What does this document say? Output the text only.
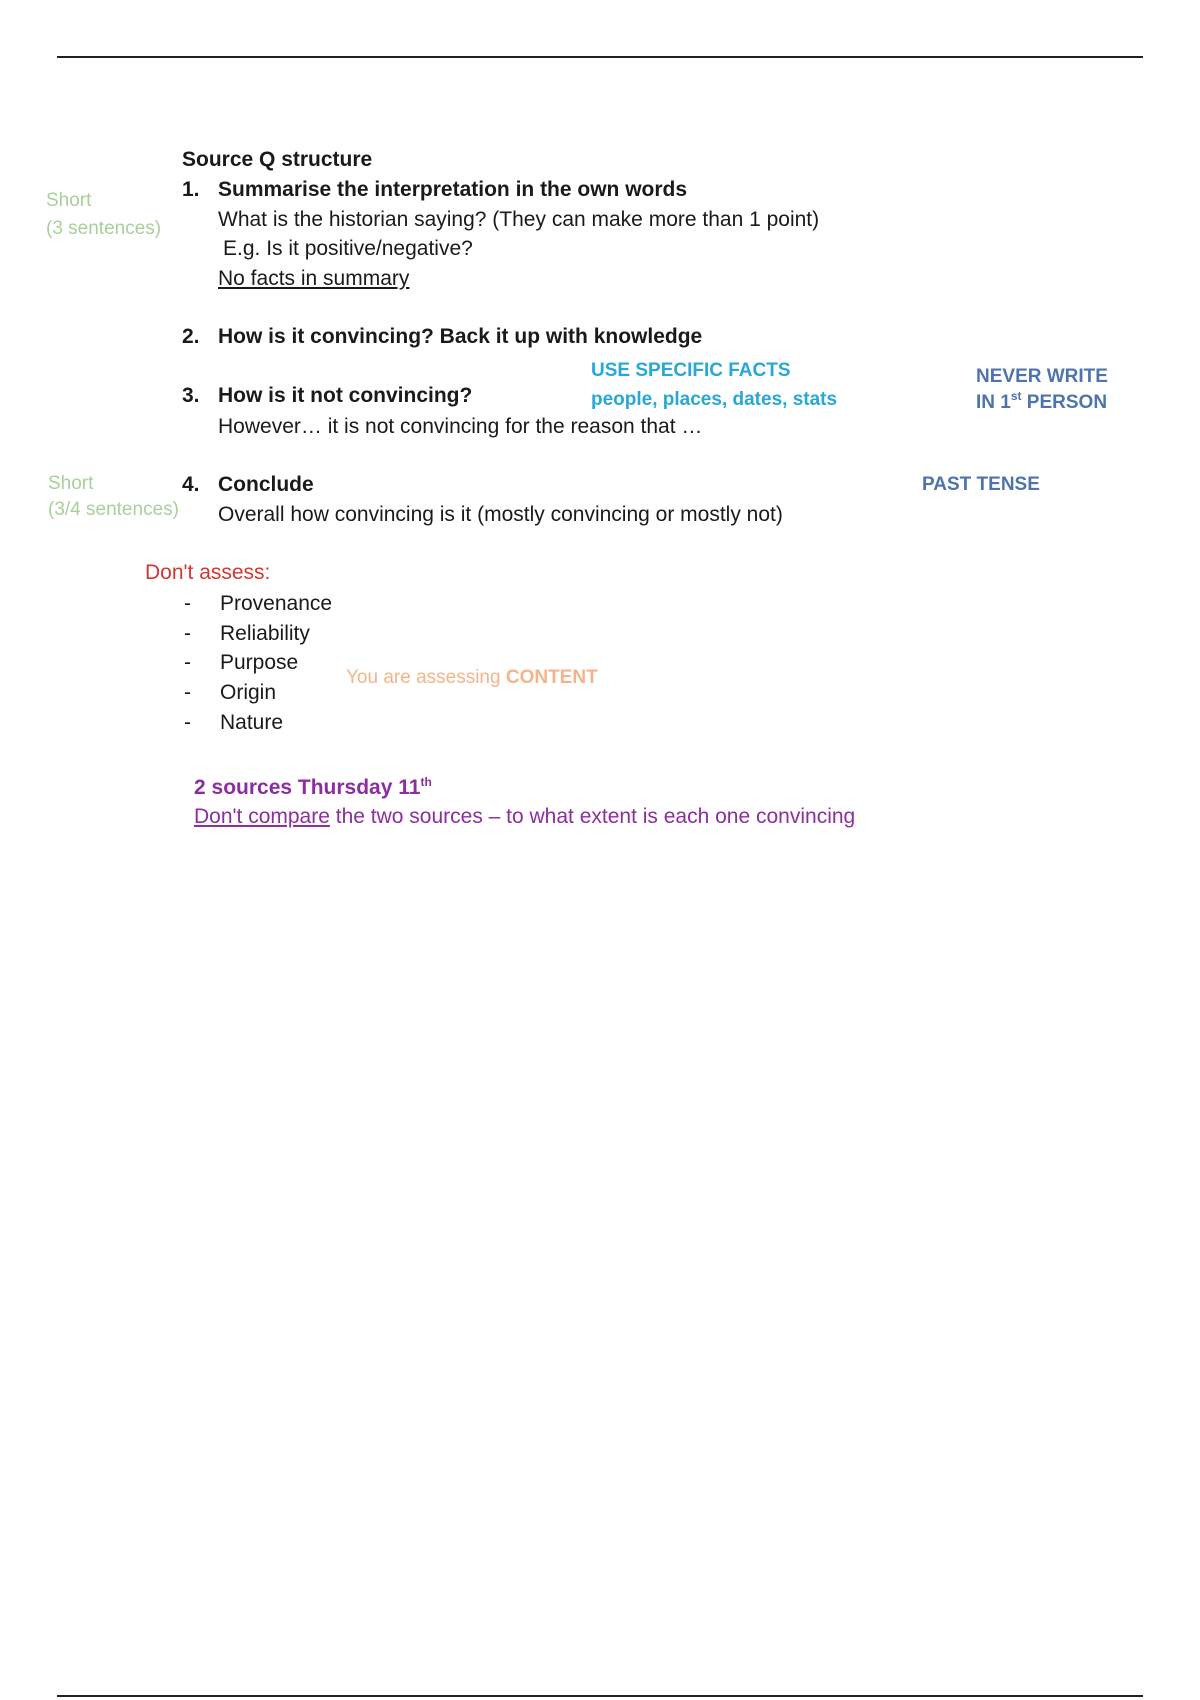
Source Q structure
Short
(3 sentences)
Short
(3/4 sentences)
1. Summarise the interpretation in the own words
What is the historian saying? (They can make more than 1 point)
E.g. Is it positive/negative?
No facts in summary
2. How is it convincing? Back it up with knowledge
USE SPECIFIC FACTS
people, places, dates, stats
NEVER WRITE
IN 1st PERSON
3. How is it not convincing?
However… it is not convincing for the reason that …
4. Conclude	PAST TENSE
Overall how convincing is it (mostly convincing or mostly not)
Don't assess:
- Provenance
- Reliability
- Purpose
- Origin
- Nature
You are assessing CONTENT
2 sources Thursday 11th
Don't compare the two sources – to what extent is each one convincing
